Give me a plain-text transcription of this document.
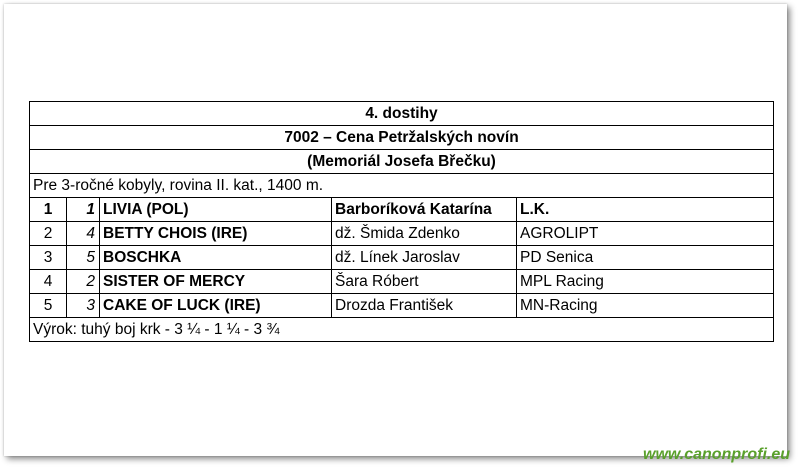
4. dostihy				
7002 – Cena Petržalských novín				
(Memoriál Josefa Břečku)				
Pre 3-ročné kobyly, rovina II. kat., 1400 m.				
1	1	LIVIA (POL)	Barboríková Katarína	L.K.
2	4	BETTY CHOIS (IRE)	dž. Šmida Zdenko	AGROLIPT
3	5	BOSCHKA	dž. Línek Jaroslav	PD Senica
4	2	SISTER OF MERCY	Šara Róbert	MPL Racing
5	3	CAKE OF LUCK (IRE)	Drozda František	MN-Racing
Výrok: tuhý boj krk - 3 ¼ - 1 ¼ - 3 ¾				
www.canonprofi.eu
